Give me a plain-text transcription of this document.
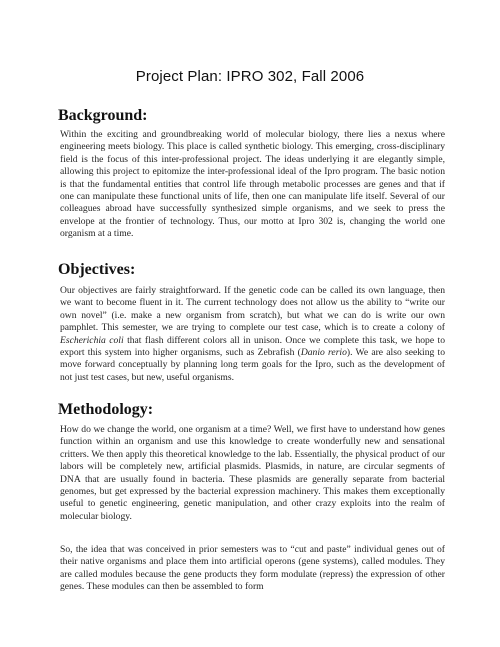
Project Plan: IPRO 302, Fall 2006
Background:

Within the exciting and groundbreaking world of molecular biology, there lies a nexus where engineering meets biology. This place is called synthetic biology. This emerging, cross-disciplinary field is the focus of this inter-professional project. The ideas underlying it are elegantly simple, allowing this project to epitomize the inter-professional ideal of the Ipro program. The basic notion is that the fundamental entities that control life through metabolic processes are genes and that if one can manipulate these functional units of life, then one can manipulate life itself. Several of our colleagues abroad have successfully synthesized simple organisms, and we seek to press the envelope at the frontier of technology. Thus, our motto at Ipro 302 is, changing the world one organism at a time.

Objectives:

Our objectives are fairly straightforward. If the genetic code can be called its own language, then we want to become fluent in it. The current technology does not allow us the ability to “write our own novel” (i.e. make a new organism from scratch), but what we can do is write our own pamphlet. This semester, we are trying to complete our test case, which is to create a colony of Escherichia coli that flash different colors all in unison. Once we complete this task, we hope to export this system into higher organisms, such as Zebrafish (Danio rerio). We are also seeking to move forward conceptually by planning long term goals for the Ipro, such as the development of not just test cases, but new, useful organisms.

Methodology:

How do we change the world, one organism at a time? Well, we first have to understand how genes function within an organism and use this knowledge to create wonderfully new and sensational critters. We then apply this theoretical knowledge to the lab. Essentially, the physical product of our labors will be completely new, artificial plasmids. Plasmids, in nature, are circular segments of DNA that are usually found in bacteria. These plasmids are generally separate from bacterial genomes, but get expressed by the bacterial expression machinery. This makes them exceptionally useful to genetic engineering, genetic manipulation, and other crazy exploits into the realm of molecular biology.

So, the idea that was conceived in prior semesters was to “cut and paste” individual genes out of their native organisms and place them into artificial operons (gene systems), called modules. They are called modules because the gene products they form modulate (repress) the expression of other genes. These modules can then be assembled to form
